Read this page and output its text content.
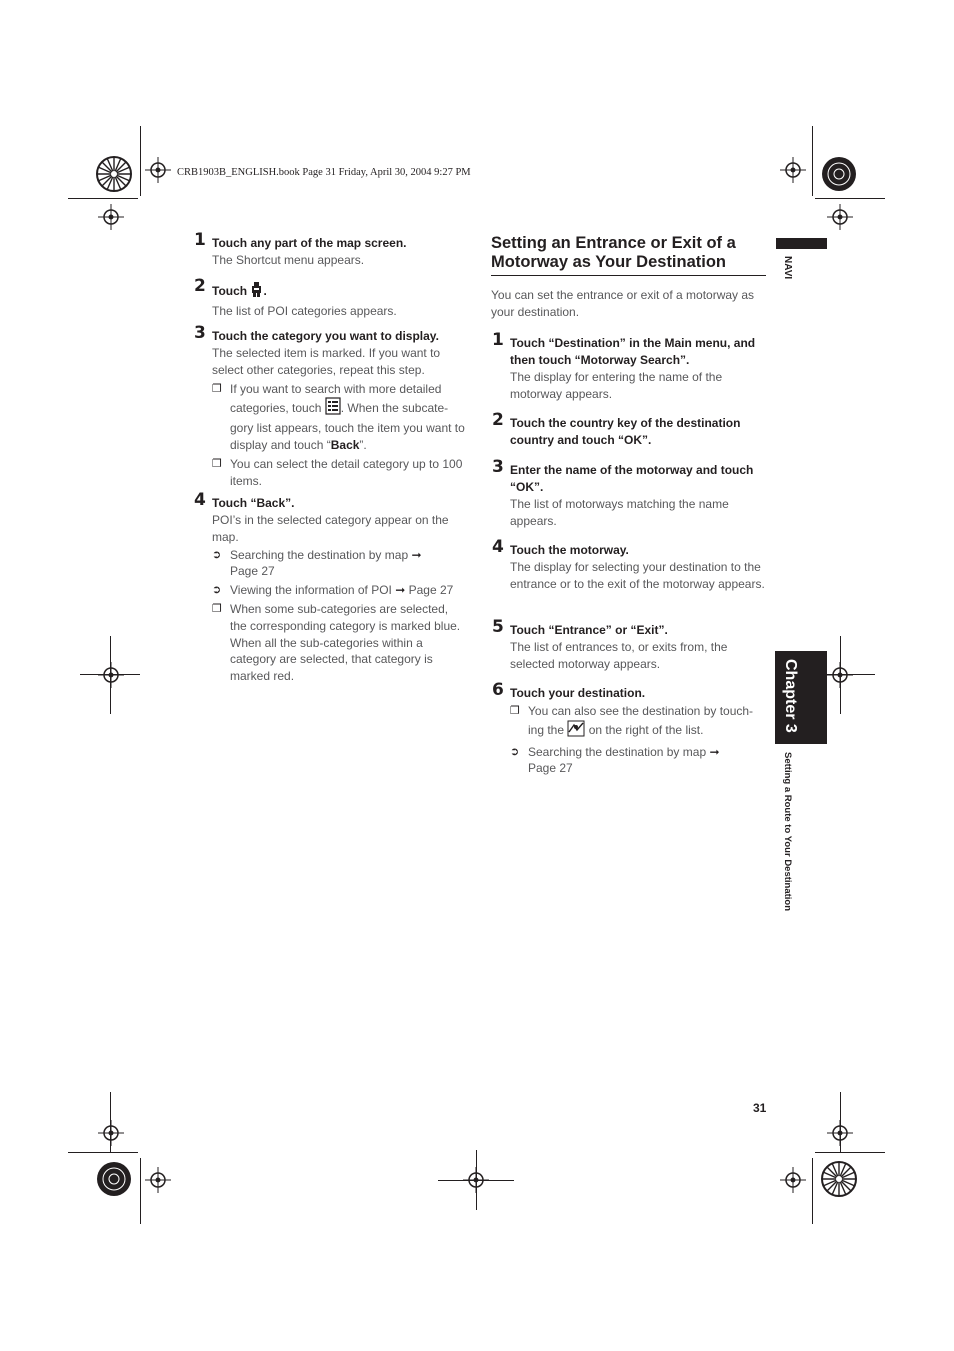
CRB1903B_ENGLISH.book Page 31 Friday, April 30, 2004 9:27 PM
1 Touch any part of the map screen.
The Shortcut menu appears.
2 Touch .
The list of POI categories appears.
3 Touch the category you want to display.
The selected item is marked. If you want to select other categories, repeat this step.
❐ If you want to search with more detailed categories, touch . When the subcate-gory list appears, touch the item you want to display and touch “Back”.
❐ You can select the detail category up to 100 items.
4 Touch “Back”.
POI’s in the selected category appear on the map.
➲ Searching the destination by map ➞
Page 27
➲ Viewing the information of POI ➞ Page 27
❐ When some sub-categories are selected, the corresponding category is marked blue. When all the sub-categories within a category are selected, that category is marked red.
Setting an Entrance or Exit of a Motorway as Your Destination
You can set the entrance or exit of a motorway as your destination.
1 Touch “Destination” in the Main menu, and then touch “Motorway Search”.
The display for entering the name of the motorway appears.
2 Touch the country key of the destination country and touch “OK”.
3 Enter the name of the motorway and touch “OK”.
The list of motorways matching the name appears.
4 Touch the motorway.
The display for selecting your destination to the entrance or to the exit of the motorway appears.
5 Touch “Entrance” or “Exit”.
The list of entrances to, or exits from, the selected motorway appears.
6 Touch your destination.
❐ You can also see the destination by touch-ing the  on the right of the list.
➲ Searching the destination by map ➞
Page 27
NAVI
Chapter 3
Setting a Route to Your Destination
31
